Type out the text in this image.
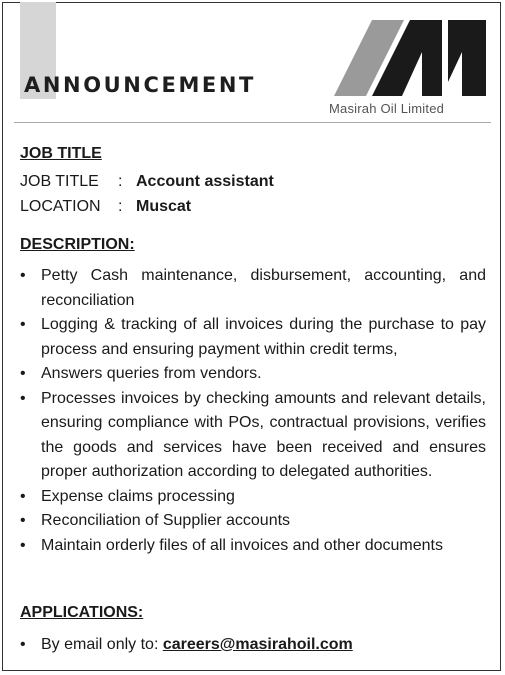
ANNOUNCEMENT
Masirah Oil Limited
JOB TITLE
JOB TITLE : Account assistant
LOCATION : Muscat
DESCRIPTION:
• Petty Cash maintenance, disbursement, accounting, and reconciliation
• Logging & tracking of all invoices during the purchase to pay process and ensuring payment within credit terms,
• Answers queries from vendors.
• Processes invoices by checking amounts and relevant details, ensuring compliance with POs, contractual provisions, verifies the goods and services have been received and ensures proper authorization according to delegated authorities.
• Expense claims processing
• Reconciliation of Supplier accounts
• Maintain orderly files of all invoices and other documents
APPLICATIONS:
• By email only to: careers@masirahoil.com
